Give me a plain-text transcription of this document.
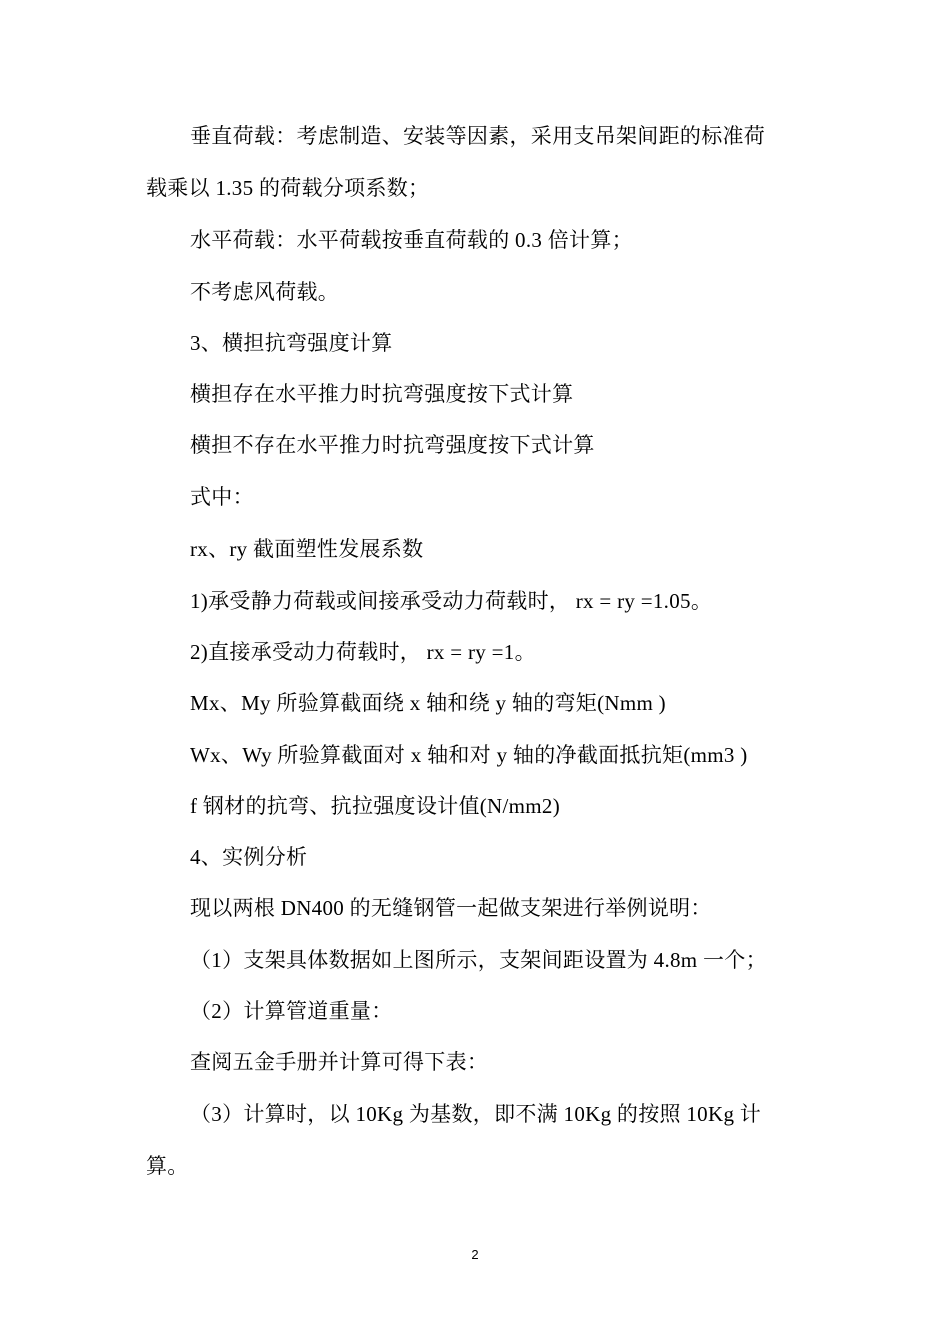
垂直荷载：考虑制造、安装等因素，采用支吊架间距的标准荷
载乘以 1.35 的荷载分项系数；
水平荷载：水平荷载按垂直荷载的 0.3 倍计算；
不考虑风荷载。
3、横担抗弯强度计算
横担存在水平推力时抗弯强度按下式计算
横担不存在水平推力时抗弯强度按下式计算
式中：
rx、ry 截面塑性发展系数
1)承受静力荷载或间接承受动力荷载时， rx = ry =1.05。
2)直接承受动力荷载时， rx = ry =1。
Mx、My 所验算截面绕 x 轴和绕 y 轴的弯矩(Nmm )
Wx、Wy 所验算截面对 x 轴和对 y 轴的净截面抵抗矩(mm3 )
f 钢材的抗弯、抗拉强度设计值(N/mm2)
4、实例分析
现以两根 DN400 的无缝钢管一起做支架进行举例说明：
（1）支架具体数据如上图所示，支架间距设置为 4.8m 一个；
（2）计算管道重量：
查阅五金手册并计算可得下表：
（3）计算时，以 10Kg 为基数，即不满 10Kg 的按照 10Kg 计
算。
2
